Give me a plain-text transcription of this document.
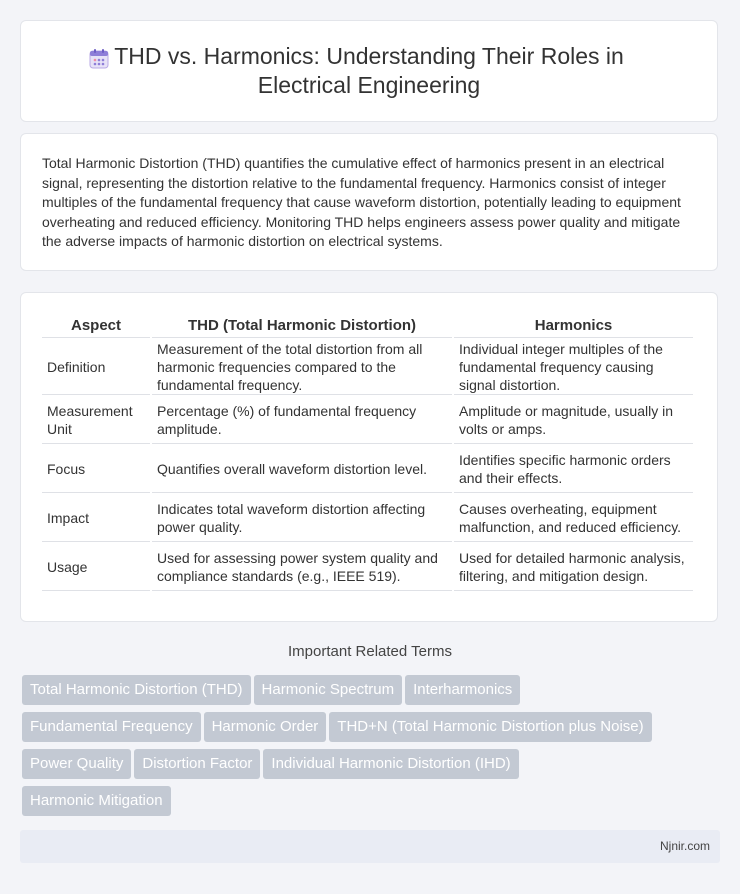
THD vs. Harmonics: Understanding Their Roles in Electrical Engineering

Total Harmonic Distortion (THD) quantifies the cumulative effect of harmonics present in an electrical signal, representing the distortion relative to the fundamental frequency. Harmonics consist of integer multiples of the fundamental frequency that cause waveform distortion, potentially leading to equipment overheating and reduced efficiency. Monitoring THD helps engineers assess power quality and mitigate the adverse impacts of harmonic distortion on electrical systems.

Aspect	THD (Total Harmonic Distortion)	Harmonics
Definition	Measurement of the total distortion from all harmonic frequencies compared to the fundamental frequency.	Individual integer multiples of the fundamental frequency causing signal distortion.
Measurement Unit	Percentage (%) of fundamental frequency amplitude.	Amplitude or magnitude, usually in volts or amps.
Focus	Quantifies overall waveform distortion level.	Identifies specific harmonic orders and their effects.
Impact	Indicates total waveform distortion affecting power quality.	Causes overheating, equipment malfunction, and reduced efficiency.
Usage	Used for assessing power system quality and compliance standards (e.g., IEEE 519).	Used for detailed harmonic analysis, filtering, and mitigation design.
Important Related Terms
Total Harmonic Distortion (THD) Harmonic Spectrum Interharmonics
Fundamental Frequency Harmonic Order THD+N (Total Harmonic Distortion plus Noise)
Power Quality Distortion Factor Individual Harmonic Distortion (IHD)
Harmonic Mitigation
Njnir.com
